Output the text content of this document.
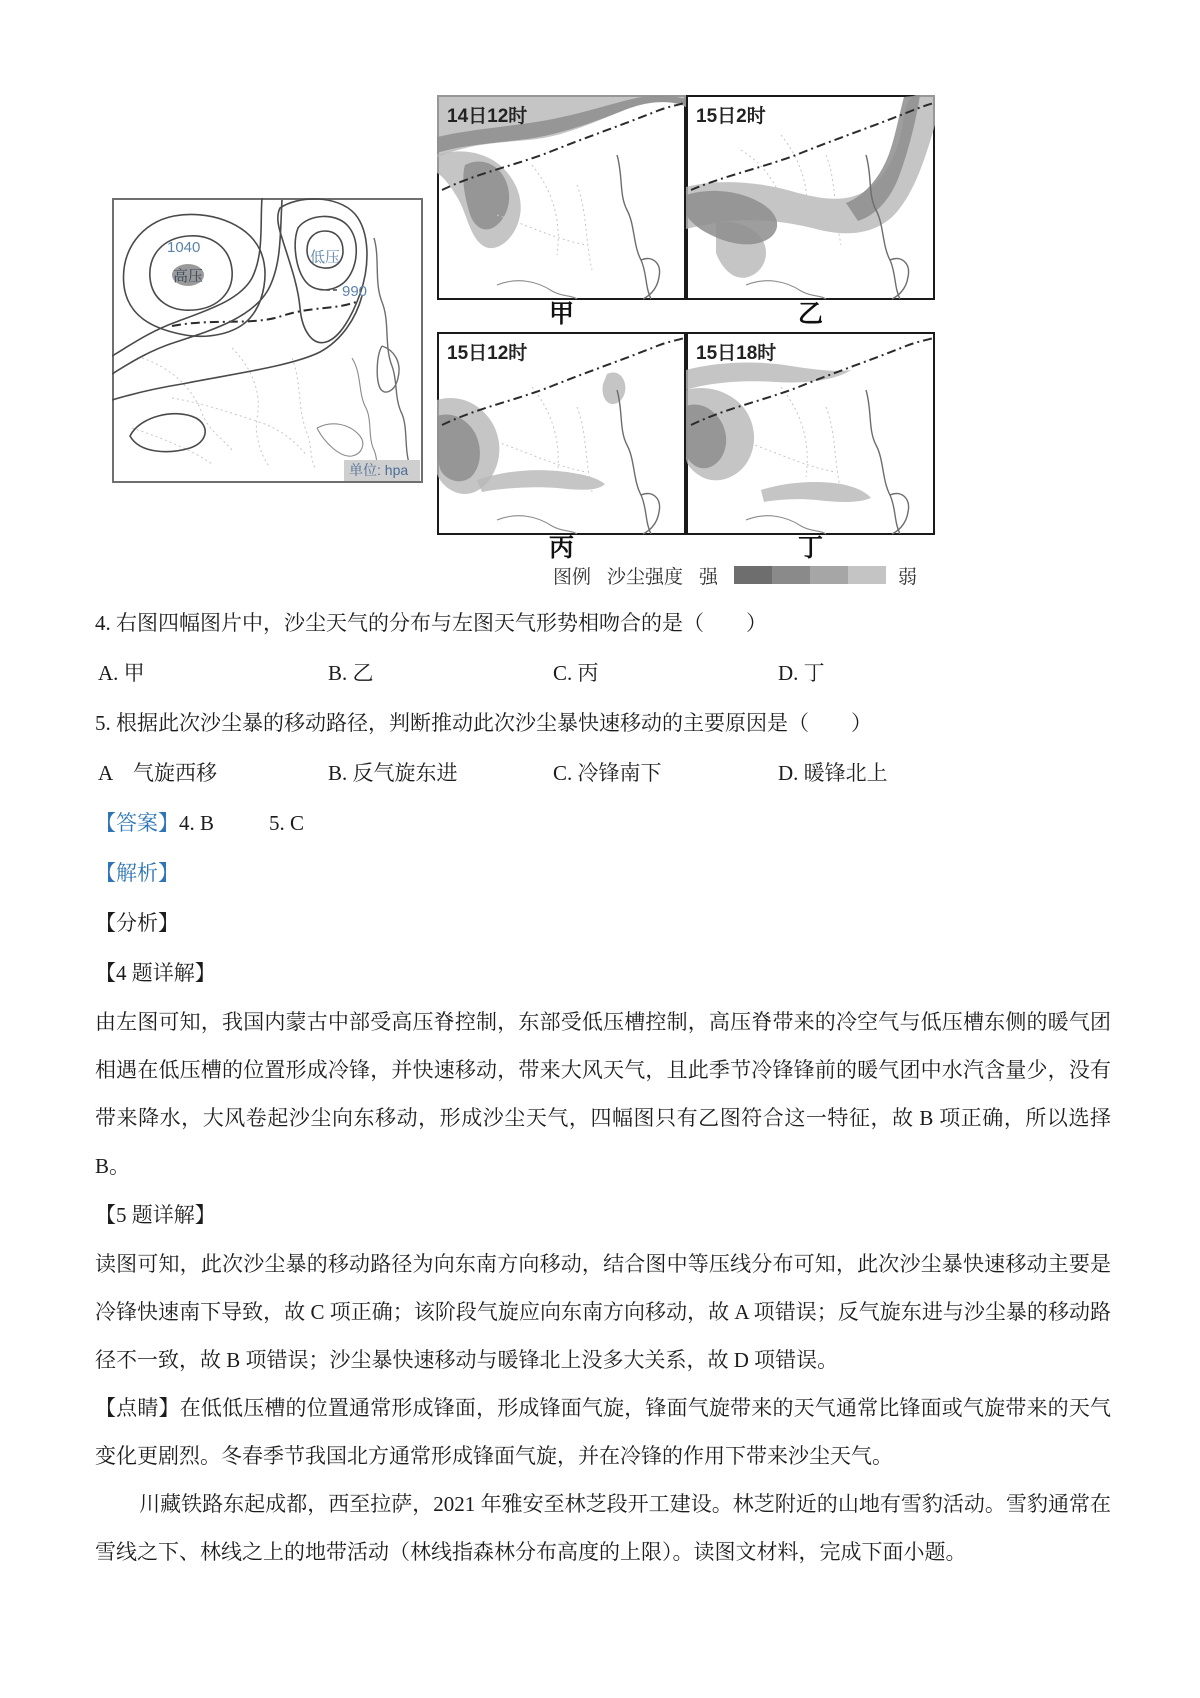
1040
高压
低压
990
单位: hpa
14日12时	15日2时
甲	乙
15日12时	15日18时
丙	丁
图例 沙尘强度 强	弱
4. 右图四幅图片中，沙尘天气的分布与左图天气形势相吻合的是（　　）
A. 甲	B. 乙	C. 丙	D. 丁
5. 根据此次沙尘暴的移动路径，判断推动此次沙尘暴快速移动的主要原因是（　　）
A　气旋西移	B. 反气旋东进	C. 冷锋南下	D. 暖锋北上
【答案】4. B	5. C
【解析】
【分析】
【4 题详解】

由左图可知，我国内蒙古中部受高压脊控制，东部受低压槽控制，高压脊带来的冷空气与低压槽东侧的暖气团相遇在低压槽的位置形成冷锋，并快速移动，带来大风天气，且此季节冷锋锋前的暖气团中水汽含量少，没有带来降水，大风卷起沙尘向东移动，形成沙尘天气，四幅图只有乙图符合这一特征，故 B 项正确，所以选择 B。

【5 题详解】

读图可知，此次沙尘暴的移动路径为向东南方向移动，结合图中等压线分布可知，此次沙尘暴快速移动主要是冷锋快速南下导致，故 C 项正确；该阶段气旋应向东南方向移动，故 A 项错误；反气旋东进与沙尘暴的移动路径不一致，故 B 项错误；沙尘暴快速移动与暖锋北上没多大关系，故 D 项错误。

【点睛】在低低压槽的位置通常形成锋面，形成锋面气旋，锋面气旋带来的天气通常比锋面或气旋带来的天气变化更剧烈。冬春季节我国北方通常形成锋面气旋，并在冷锋的作用下带来沙尘天气。

川藏铁路东起成都，西至拉萨，2021 年雅安至林芝段开工建设。林芝附近的山地有雪豹活动。雪豹通常在雪线之下、林线之上的地带活动（林线指森林分布高度的上限）。读图文材料，完成下面小题。
